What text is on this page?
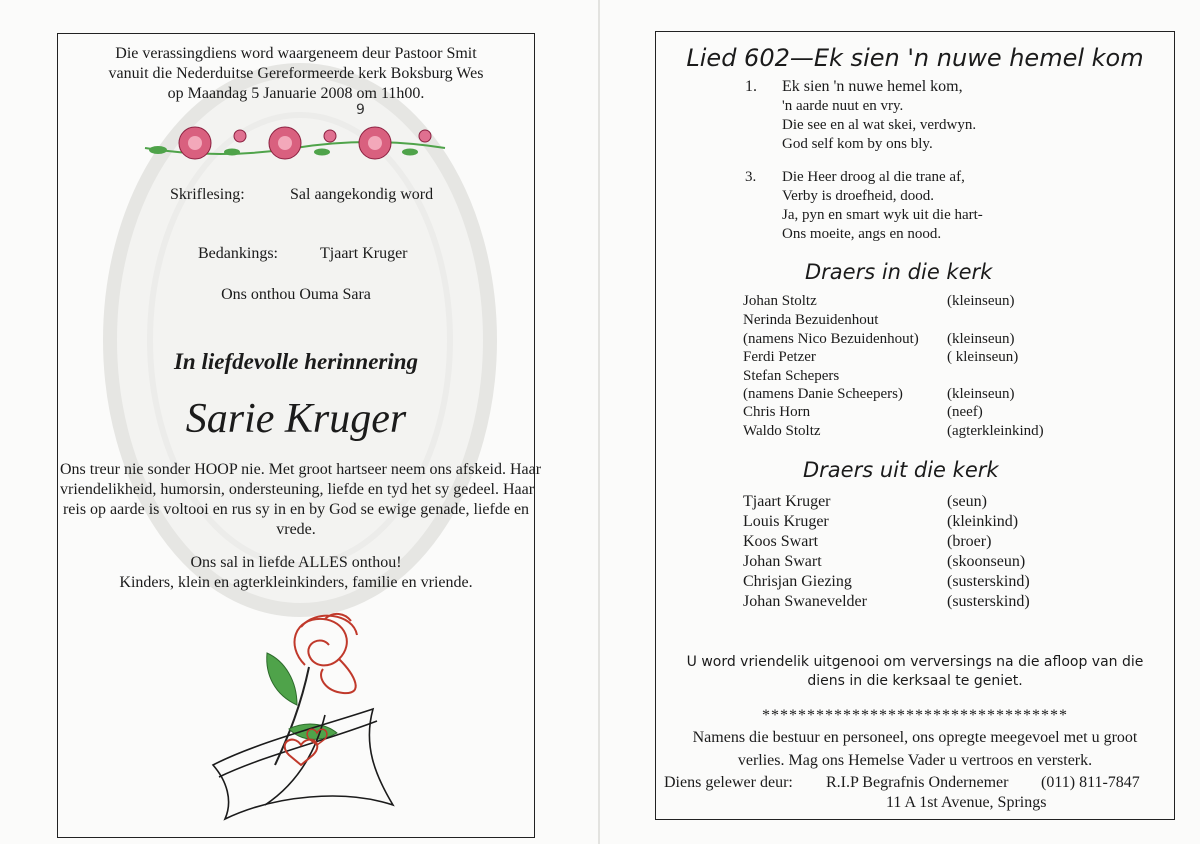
Die verassingdiens word waargeneem deur Pastoor Smit
vanuit die Nederduitse Gereformeerde kerk Boksburg Wes
op Maandag 5 Januarie 2008 om 11h00.
9
Skriflesing:	Sal aangekondig word
Bedankings:	Tjaart Kruger
Ons onthou Ouma Sara
In liefdevolle herinnering
Sarie Kruger
Ons treur nie sonder HOOP nie. Met groot hartseer neem ons afskeid. Haar
vriendelikheid, humorsin, ondersteuning, liefde en tyd het sy gedeel. Haar
reis op aarde is voltooi en rus sy in en by God se ewige genade, liefde en
vrede.
Ons sal in liefde ALLES onthou!
Kinders, klein en agterkleinkinders, familie en vriende.
Lied 602—Ek sien 'n nuwe hemel kom
1. Ek sien 'n nuwe hemel kom,
'n aarde nuut en vry.
Die see en al wat skei, verdwyn.
God self kom by ons bly.
3. Die Heer droog al die trane af,
Verby is droefheid, dood.
Ja, pyn en smart wyk uit die hart-
Ons moeite, angs en nood.
Draers in die kerk
Johan Stoltz	(kleinseun)
Nerinda Bezuidenhout
(namens Nico Bezuidenhout) (kleinseun)
Ferdi Petzer	( kleinseun)
Stefan Schepers
(namens Danie Scheepers)	(kleinseun)
Chris Horn	(neef)
Waldo Stoltz	(agterkleinkind)
Draers uit die kerk
Tjaart Kruger	(seun)
Louis Kruger	(kleinkind)
Koos Swart	(broer)
Johan Swart	(skoonseun)
Chrisjan Giezing	(susterskind)
Johan Swanevelder	(susterskind)
U word vriendelik uitgenooi om verversings na die afloop van die
diens in die kerksaal te geniet.
**********************************
Namens die bestuur en personeel, ons opregte meegevoel met u groot
verlies. Mag ons Hemelse Vader u vertroos en versterk.
Diens gelewer deur: R.I.P Begrafnis Ondernemer (011) 811-7847
11 A 1st Avenue, Springs
